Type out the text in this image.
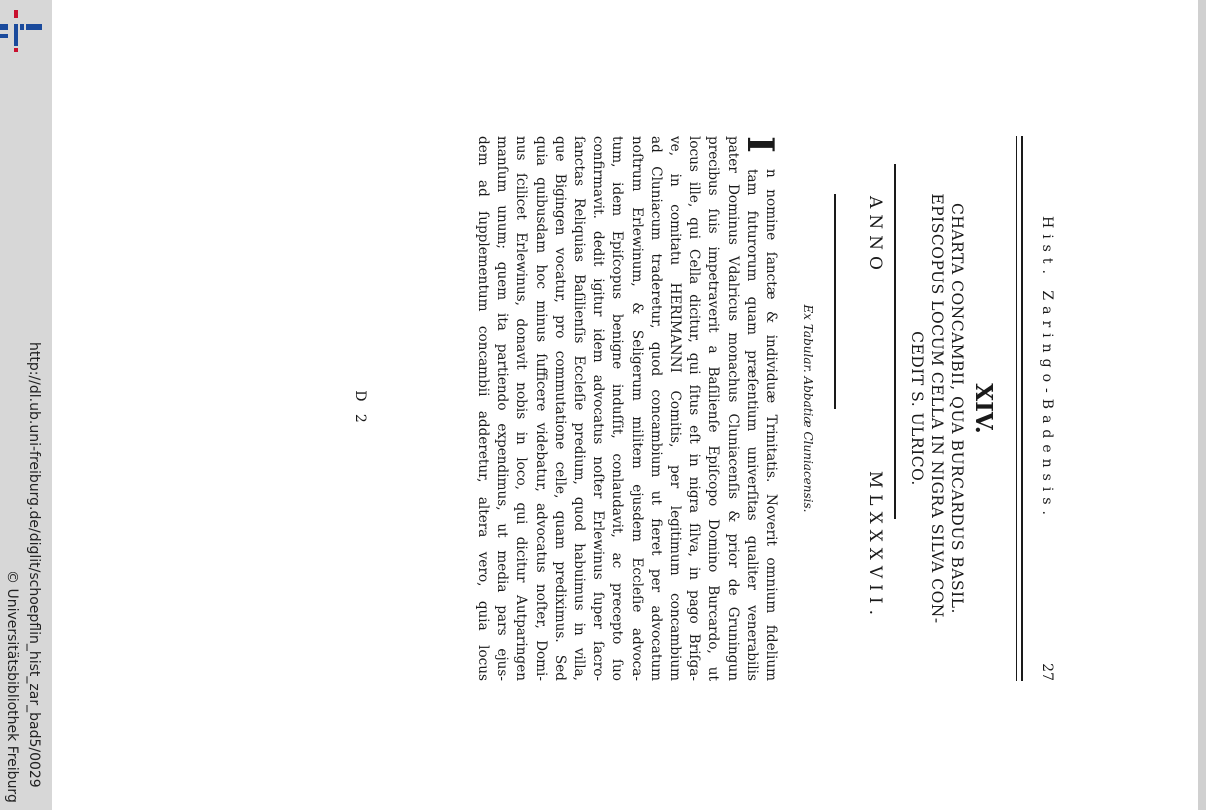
http://dl.ub.uni-freiburg.de/diglit/schoepflin_hist_zar_bad5/0029
© Universitätsbibliothek Freiburg
Hist. Zaringo-Badensis.
27
XIV.
CHARTA CONCAMBII, QUA BURCARDUS BASIL.
EPISCOPUS LOCUM CELLA IN NIGRA SILVA CON-
CEDIT S. ULRICO.
ANNO MLXXXVII.
Ex Tabular. Abbatiæ Cluniacensis.
I
n nomine ſanctæ & individuæ Trinitatis. Noverit omnium fidelium
tam futurorum quam præſentium univerſitas qualiter venerabilis
pater Dominus Vdalricus monachus Cluniacenſis & prior de Gruningun
precibus ſuis impetraverit a Baſilienſe Epiſcopo Domino Burcardo, ut
locus ille, qui Cella dicitur, qui ſitus eſt in nigra ſilva, in pago Briſga-
ve, in comitatu HERIMANNI Comitis, per legitimum concambium
ad Cluniacum traderetur, quod concambium ut fieret per advocatum
noſtrum Erlewinum, & Seligerum militem ejusdem Eccleſie advoca-
tum, idem Epiſcopus benigne induſſit, conlaudavit, ac precepto ſuo
confirmavit. dedit igitur idem advocatus noſter Erlewinus ſuper ſacro-
ſanctas Reliquias Baſilienſis Eccleſie predium, quod habuimus in villa,
que Bigingen vocatur, pro commutatione celle, quam prediximus. Sed
quia quibusdam hoc minus ſufficere videbatur, advocatus noſter, Domi-
nus ſcilicet Erlewinus, donavit nobis in loco, qui dicitur Autparingen
manſum unum; quem ita partiendo expendimus, ut media pars ejus-
dem ad ſupplementum concambii adderetur, altera vero, quia locus
D 2
